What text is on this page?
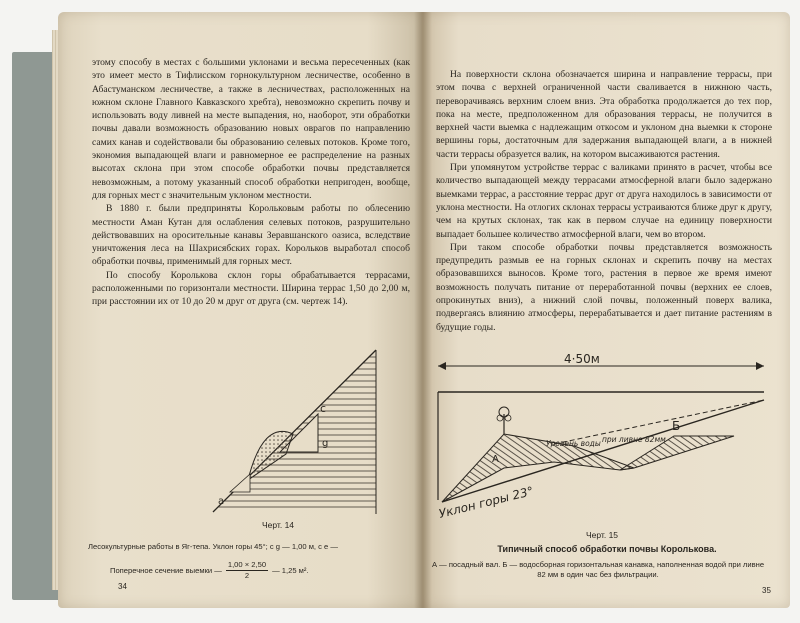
этому способу в местах с большими уклонами и весьма пересеченных (как это имеет место в Тифлисском горнокультурном лесничестве, особенно в Абастуманском лесничестве, а также в лесничествах, расположенных на южном склоне Главного Кавказского хребта), невозможно скрепить почву и использовать воду ливней на месте выпадения, но, наоборот, эти обработки почвы давали возможность образованию новых оврагов по направлению самих канав и содействовали бы образованию селевых потоков. Кроме того, экономия выпадающей влаги и равномерное ее распределение на разных высотах склона при этом способе обработки почвы представляется невозможным, а потому указанный способ обработки непригоден, вообще, для горных мест с значительным уклоном местности.

В 1880 г. были предприняты Корольковым работы по облесению местности Аман Кутан для ослабления селевых потоков, разрушительно действовавших на оросительные канавы Зеравшанского оазиса, вследствие уничтожения леса на Шахрисябских горах. Корольков выработал способ обработки почвы, применимый для горных мест.

По способу Королькова склон горы обрабатывается террасами, расположенными по горизонтали местности. Ширина террас 1,50 до 2,00 м, при расстоянии их от 10 до 20 м друг от друга (см. чертеж 14).

c
g
a

Черт. 14

Лесокультурные работы в Яг-тепа. Уклон горы 45°; c g — 1,00 м, c e —

Поперечное сечение выемки — $\frac{1,00 \times 2,50}{2}$ — 1,25 м².
34

На поверхности склона обозначается ширина и направление террасы, при этом почва с верхней ограниченной части сваливается в нижнюю часть, переворачиваясь верхним слоем вниз. Эта обработка продолжается до тех пор, пока на месте, предположенном для образования террасы, не получится в верхней части выемка с надлежащим откосом и уклоном дна выемки к стороне вершины горы, достаточным для задержания выпадающей влаги, а в нижней части террасы образуется валик, на котором высаживаются растения.

При упомянутом устройстве террас с валиками принято в расчет, чтобы все количество выпадающей между террасами атмосферной влаги было задержано выемками террас, а расстояние террас друг от друга находилось в зависимости от уклона местности. На отлогих склонах террасы устраиваются ближе друг к другу, чем на крутых склонах, так как в первом случае на единицу поверхности выпадает большее количество атмосферной влаги, чем во втором.

При таком способе обработки почвы представляется возможность предупредить размыв ее на горных склонах и скрепить почву на местах образовавшихся выносов. Кроме того, растения в первое же время имеют возможность получать питание от переработанной почвы (верхних ее слоев, опрокинутых вниз), а нижний слой почвы, положенный поверх валика, подвергаясь влиянию атмосферы, перерабатывается и дает питание растениям в будущие годы.

4·50м
Уровень воды при ливне 82мм
Б
А
Уклон горы 23°

Черт. 15

Типичный способ обработки почвы Королькова.

А — посадный вал. Б — водосборная горизонтальная канавка, наполненная водой при ливне 82 мм в один час без фильтрации.

35
